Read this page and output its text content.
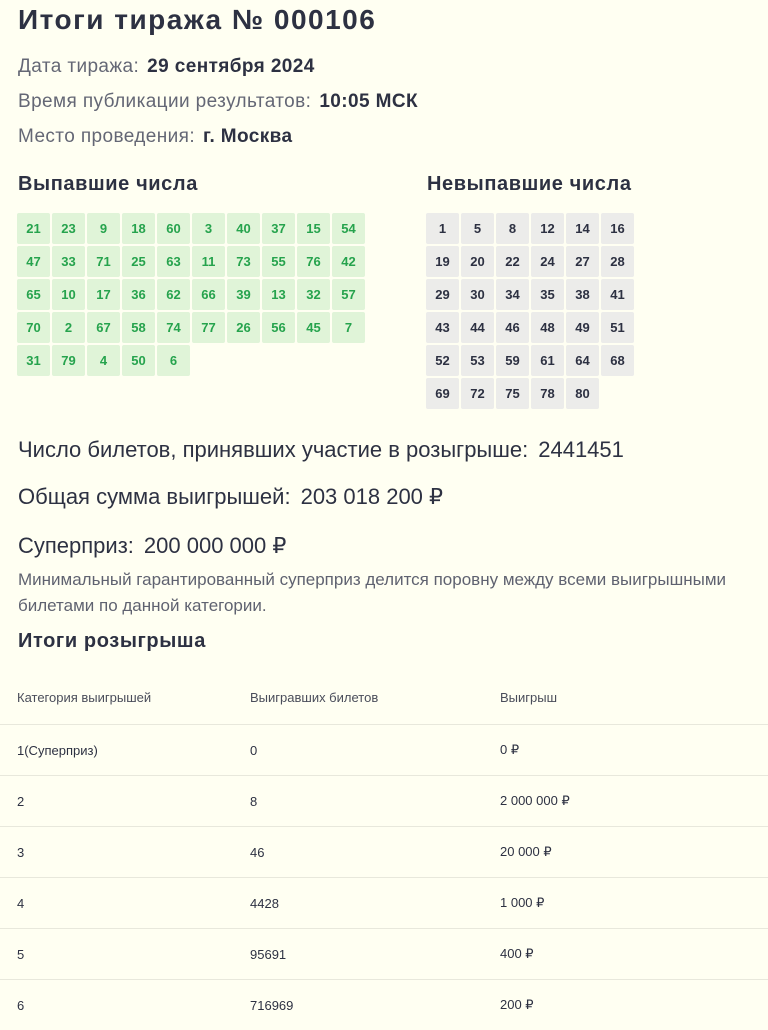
Итоги тиража № 000106
Дата тиража: 29 сентября 2024
Время публикации результатов: 10:05 МСК
Место проведения: г. Москва
Выпавшие числа	Невыпавшие числа
21	23	9	18	60	3	40	37	15	54
47	33	71	25	63	11	73	55	76	42
65	10	17	36	62	66	39	13	32	57
70	2	67	58	74	77	26	56	45	7
31	79	4	50	6
1	5	8	12	14	16
19	20	22	24	27	28
29	30	34	35	38	41
43	44	46	48	49	51
52	53	59	61	64	68
69	72	75	78	80
Число билетов, принявших участие в розыгрыше: 2441451
Общая сумма выигрышей: 203 018 200 ₽
Суперприз: 200 000 000 ₽
Минимальный гарантированный суперприз делится поровну между всеми выигрышными билетами по данной категории.
Итоги розыгрыша
Категория выигрышей	Выигравших билетов	Выигрыш
1(Суперприз)	0	0 ₽
2	8	2 000 000 ₽
3	46	20 000 ₽
4	4428	1 000 ₽
5	95691	400 ₽
6	716969	200 ₽
